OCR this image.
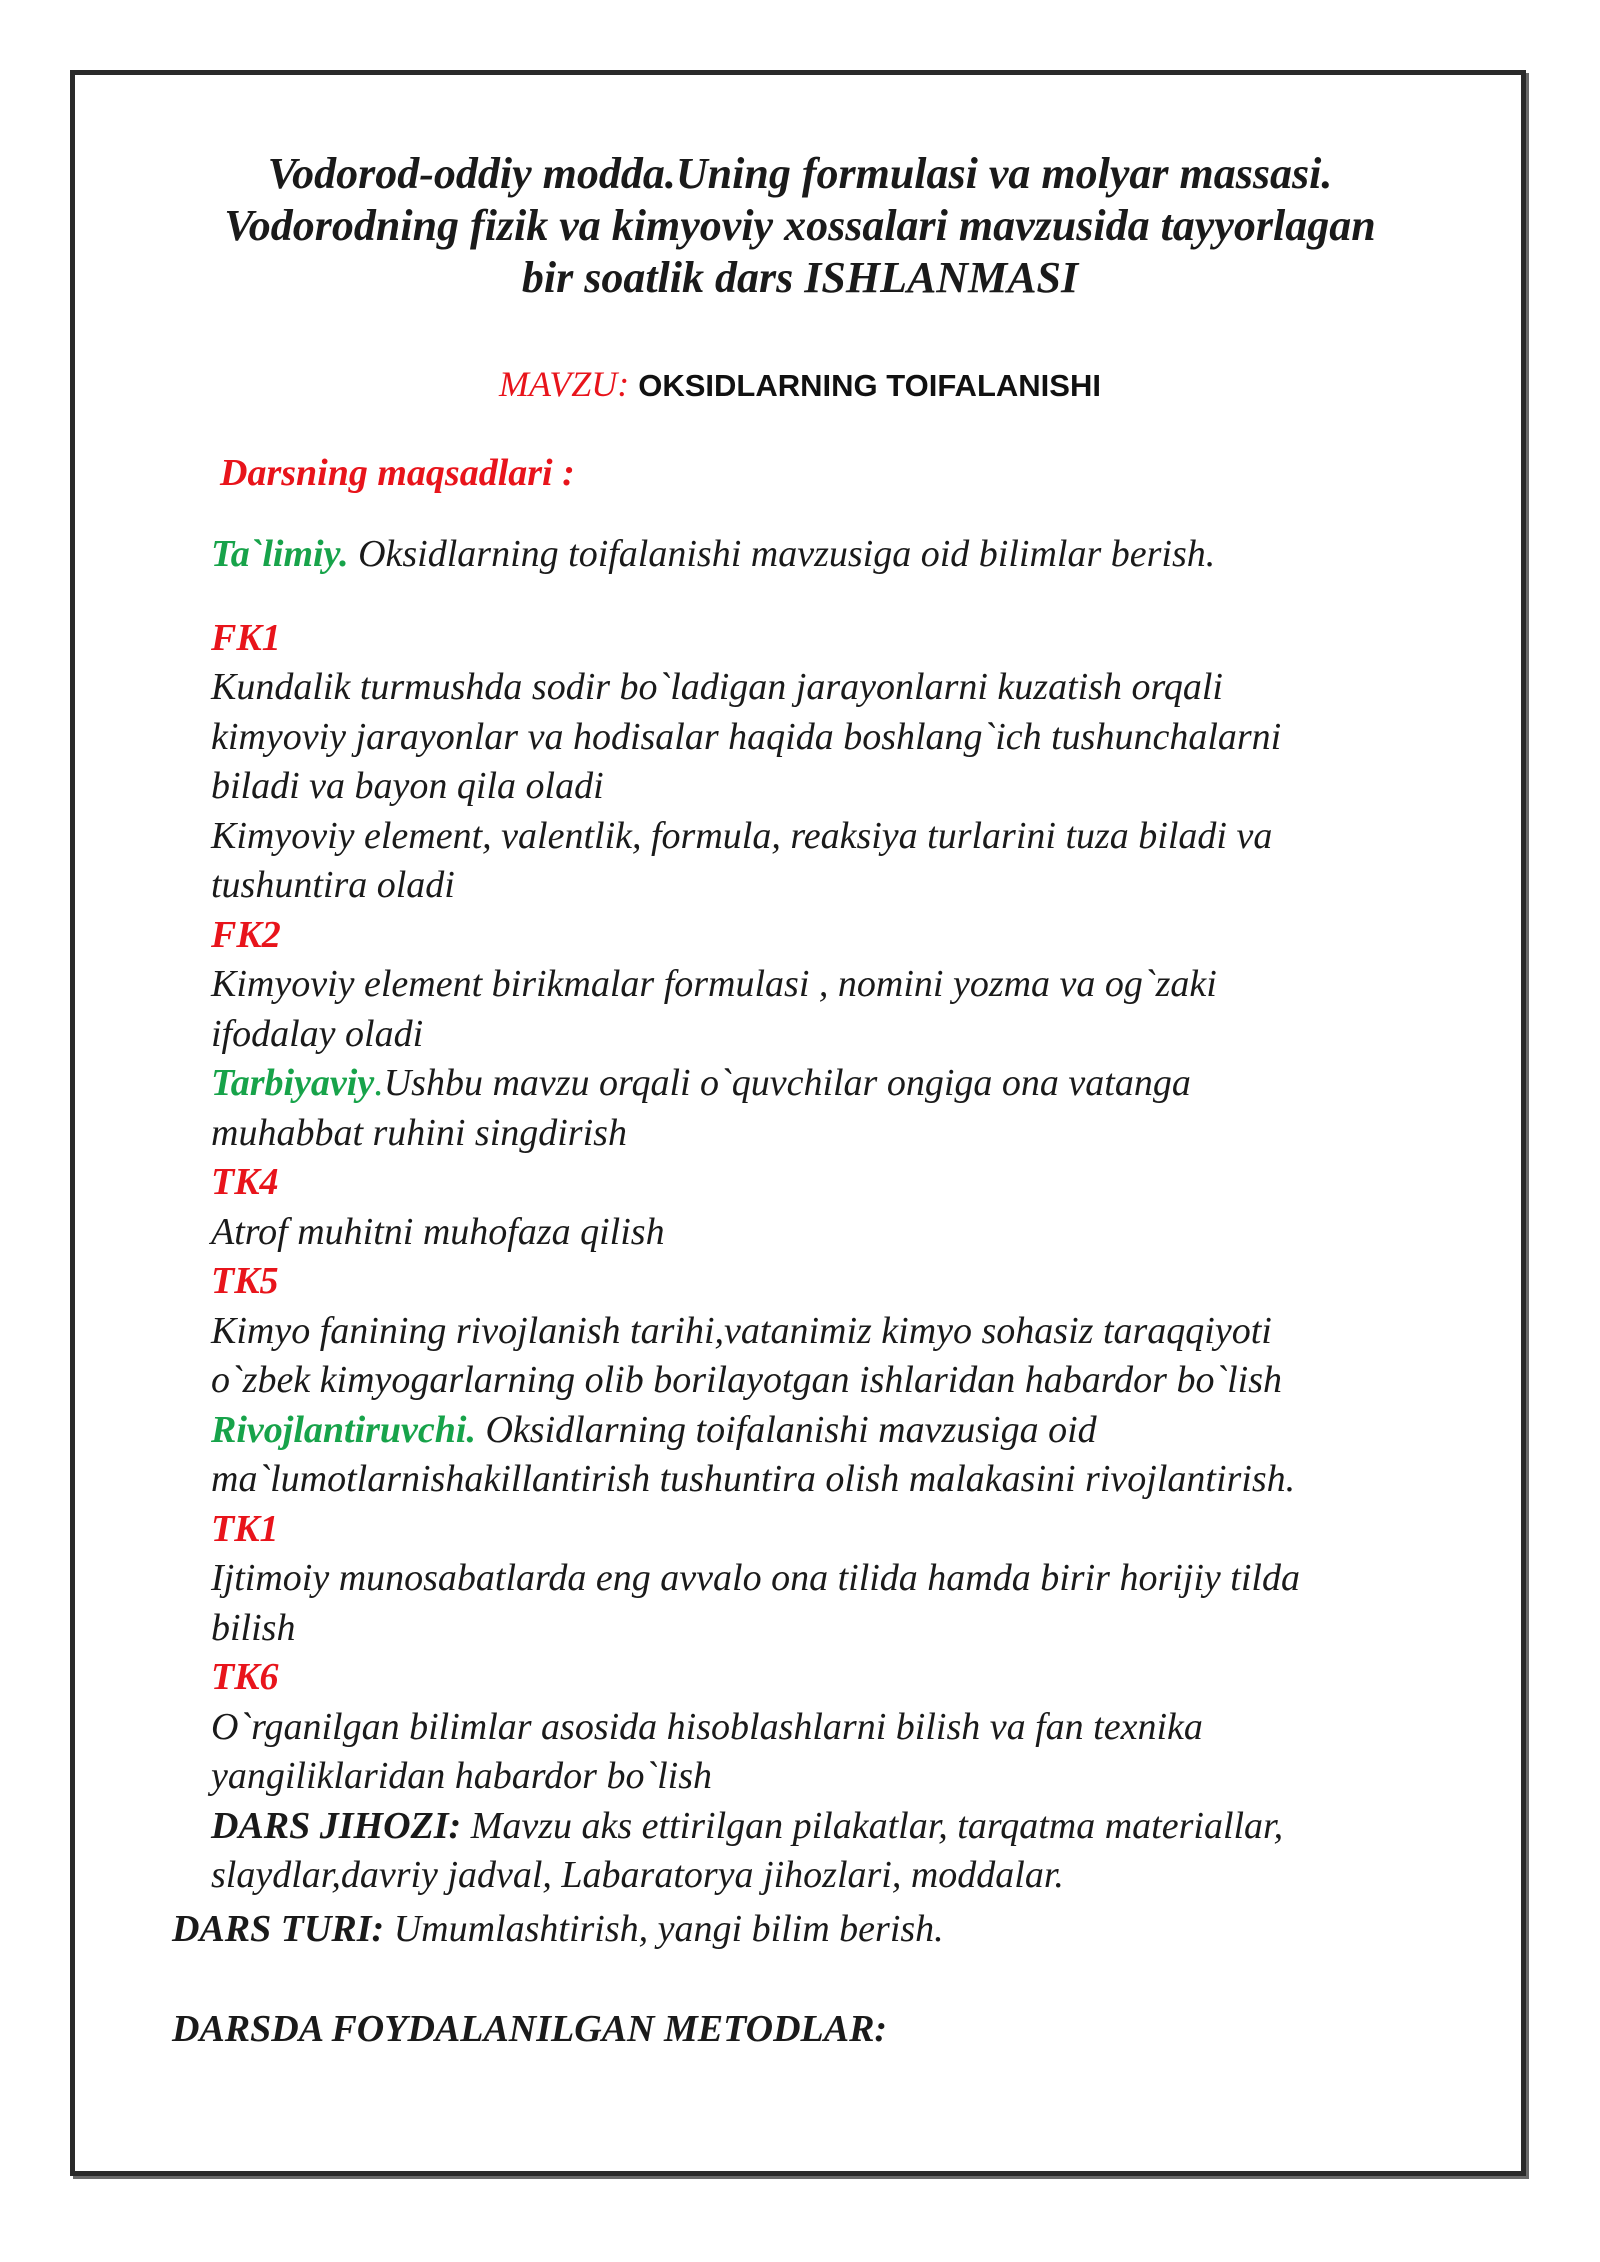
Vodorod-oddiy modda.Uning formulasi va molyar massasi.
Vodorodning fizik va kimyoviy xossalari mavzusida tayyorlagan
bir soatlik dars ISHLANMASI
MAVZU: OKSIDLARNING TOIFALANISHI
Darsning maqsadlari :
Ta`limiy. Oksidlarning toifalanishi mavzusiga oid bilimlar berish.
FK1
Kundalik turmushda sodir bo`ladigan jarayonlarni kuzatish orqali
kimyoviy jarayonlar va hodisalar haqida boshlang`ich tushunchalarni
biladi va bayon qila oladi
Kimyoviy element, valentlik, formula, reaksiya turlarini tuza biladi va
tushuntira oladi
FK2
Kimyoviy element birikmalar formulasi , nomini yozma va og`zaki
ifodalay oladi
Tarbiyaviy.Ushbu mavzu orqali o`quvchilar ongiga ona vatanga
muhabbat ruhini singdirish
TK4
Atrof muhitni muhofaza qilish
TK5
Kimyo fanining rivojlanish tarihi,vatanimiz kimyo sohasiz taraqqiyoti
o`zbek kimyogarlarning olib borilayotgan ishlaridan habardor bo`lish
Rivojlantiruvchi. Oksidlarning toifalanishi mavzusiga oid
ma`lumotlarnishakillantirish tushuntira olish malakasini rivojlantirish.
TK1
Ijtimoiy munosabatlarda eng avvalo ona tilida hamda birir horijiy tilda
bilish
TK6
O`rganilgan bilimlar asosida hisoblashlarni bilish va fan texnika
yangiliklaridan habardor bo`lish
DARS JIHOZI: Mavzu aks ettirilgan pilakatlar, tarqatma materiallar,
slaydlar,davriy jadval, Labaratorya jihozlari, moddalar.
DARS TURI: Umumlashtirish, yangi bilim berish.
DARSDA FOYDALANILGAN METODLAR:
